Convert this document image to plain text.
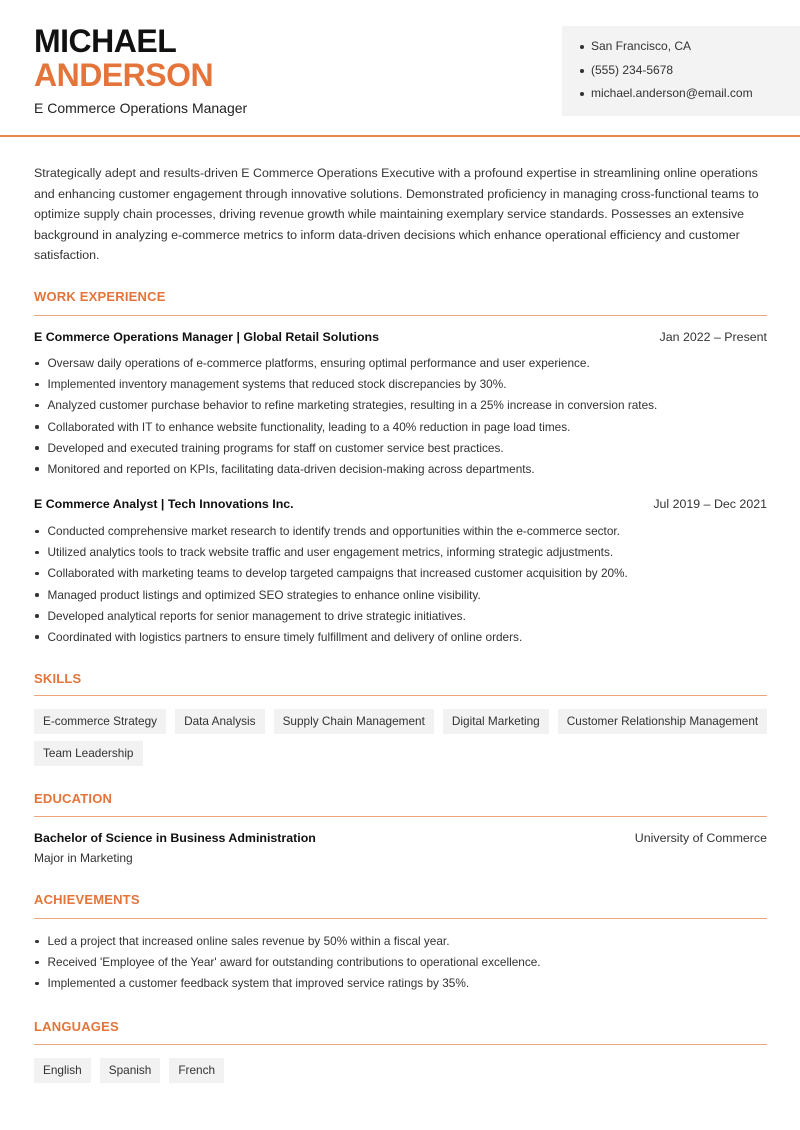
MICHAEL
ANDERSON
E Commerce Operations Manager
San Francisco, CA
(555) 234-5678
michael.anderson@email.com

Strategically adept and results-driven E Commerce Operations Executive with a profound expertise in streamlining online operations and enhancing customer engagement through innovative solutions. Demonstrated proficiency in managing cross-functional teams to optimize supply chain processes, driving revenue growth while maintaining exemplary service standards. Possesses an extensive background in analyzing e-commerce metrics to inform data-driven decisions which enhance operational efficiency and customer satisfaction.

WORK EXPERIENCE
E Commerce Operations Manager | Global Retail Solutions	Jan 2022 – Present
Oversaw daily operations of e-commerce platforms, ensuring optimal performance and user experience.
Implemented inventory management systems that reduced stock discrepancies by 30%.
Analyzed customer purchase behavior to refine marketing strategies, resulting in a 25% increase in conversion rates.
Collaborated with IT to enhance website functionality, leading to a 40% reduction in page load times.
Developed and executed training programs for staff on customer service best practices.
Monitored and reported on KPIs, facilitating data-driven decision-making across departments.
E Commerce Analyst | Tech Innovations Inc.	Jul 2019 – Dec 2021
Conducted comprehensive market research to identify trends and opportunities within the e-commerce sector.
Utilized analytics tools to track website traffic and user engagement metrics, informing strategic adjustments.
Collaborated with marketing teams to develop targeted campaigns that increased customer acquisition by 20%.
Managed product listings and optimized SEO strategies to enhance online visibility.
Developed analytical reports for senior management to drive strategic initiatives.
Coordinated with logistics partners to ensure timely fulfillment and delivery of online orders.
SKILLS
E-commerce Strategy	Data Analysis	Supply Chain Management	Digital Marketing	Customer Relationship Management
Team Leadership
EDUCATION
Bachelor of Science in Business Administration	University of Commerce
Major in Marketing
ACHIEVEMENTS
Led a project that increased online sales revenue by 50% within a fiscal year.
Received 'Employee of the Year' award for outstanding contributions to operational excellence.
Implemented a customer feedback system that improved service ratings by 35%.
LANGUAGES
English	Spanish	French
